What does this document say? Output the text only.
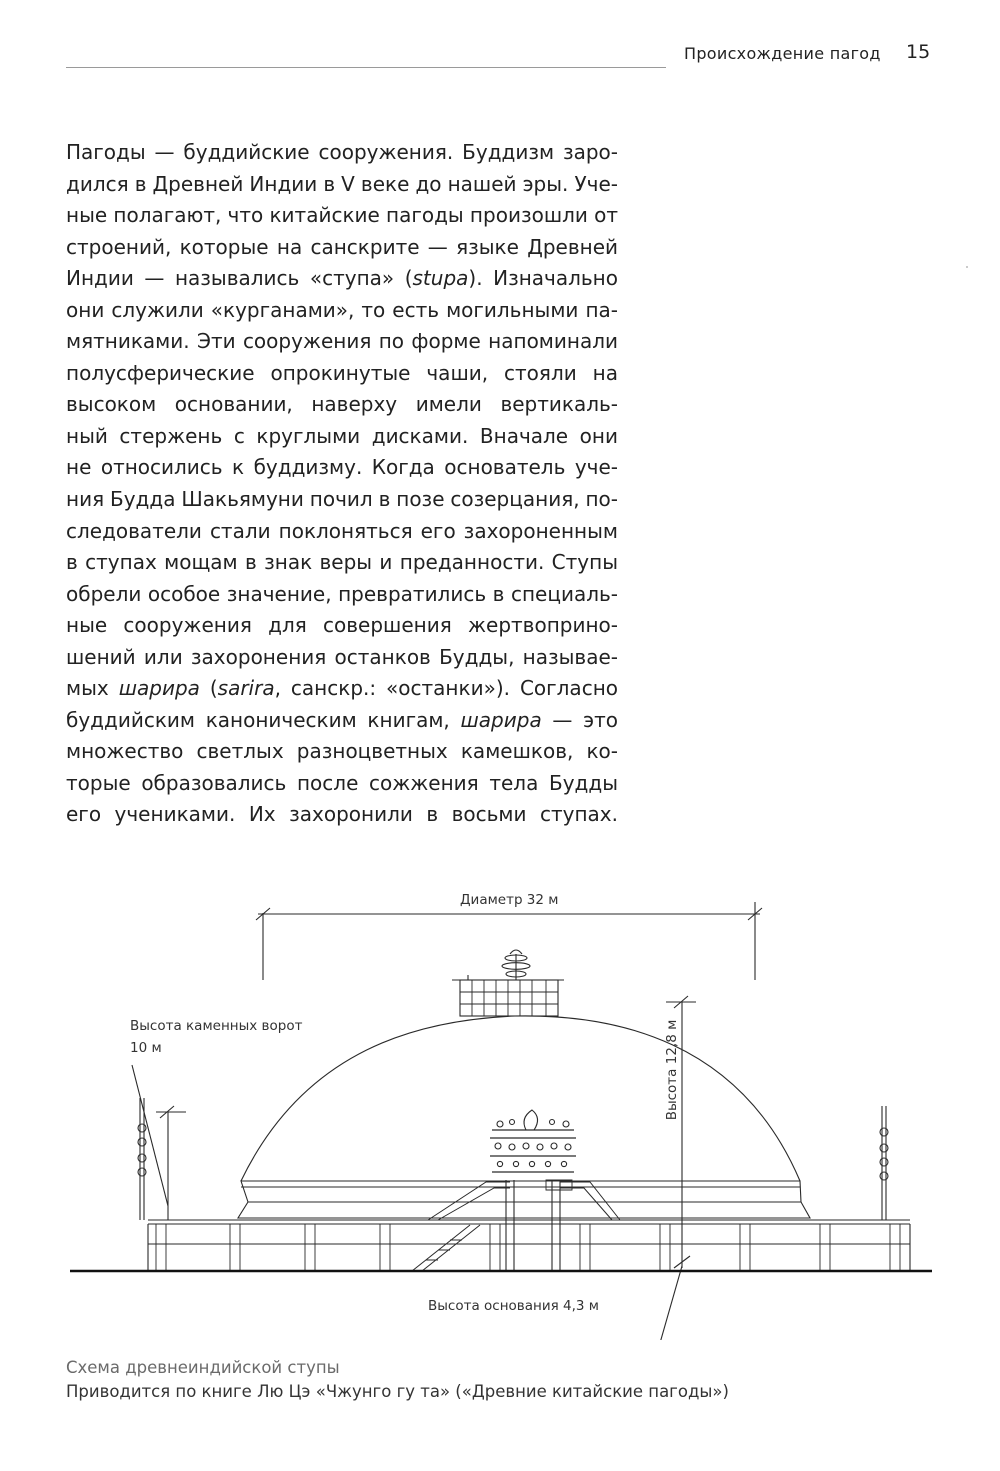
Происхождение пагод 15
Пагоды — буддийские сооружения. Буддизм заро-
дился в Древней Индии в V веке до нашей эры. Уче-
ные полагают, что китайские пагоды произошли от
строений, которые на санскрите — языке Древней
Индии — назывались «ступа» (stupa). Изначально
они служили «курганами», то есть могильными па-
мятниками. Эти сооружения по форме напоминали
полусферические опрокинутые чаши, стояли на
высоком основании, наверху имели вертикаль-
ный стержень с круглыми дисками. Вначале они
не относились к буддизму. Когда основатель уче-
ния Будда Шакьямуни почил в позе созерцания, по-
следователи стали поклоняться его захороненным
в ступах мощам в знак веры и преданности. Ступы
обрели особое значение, превратились в специаль-
ные сооружения для совершения жертвоприно-
шений или захоронения останков Будды, называе-
мых шарира (sarira, санскр.: «останки»). Согласно
буддийским каноническим книгам, шарира — это
множество светлых разноцветных камешков, ко-
торые образовались после сожжения тела Будды
его учениками. Их захоронили в восьми ступах.
Диаметр 32 м
Высота каменных ворот
10 м	Высота 12,8 м
Высота основания 4,3 м
Схема древнеиндийской ступы
Приводится по книге Лю Цэ «Чжунго гу та» («Древние китайские пагоды»)
